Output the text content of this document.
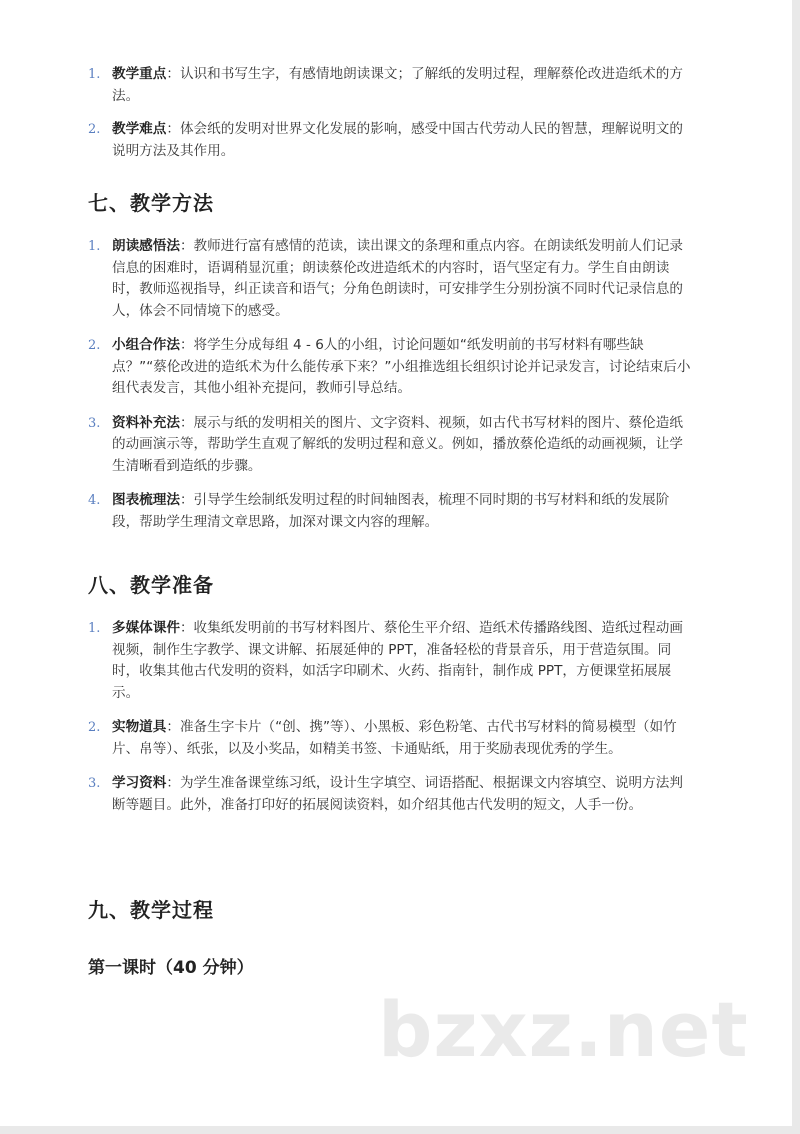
1. 教学重点：认识和书写生字，有感情地朗读课文；了解纸的发明过程，理解蔡伦改进造纸术的方法。
2. 教学难点：体会纸的发明对世界文化发展的影响，感受中国古代劳动人民的智慧，理解说明文的说明方法及其作用。
七、教学方法
1. 朗读感悟法：教师进行富有感情的范读，读出课文的条理和重点内容。在朗读纸发明前人们记录信息的困难时，语调稍显沉重；朗读蔡伦改进造纸术的内容时，语气坚定有力。学生自由朗读时，教师巡视指导，纠正读音和语气；分角色朗读时，可安排学生分别扮演不同时代记录信息的人，体会不同情境下的感受。
2. 小组合作法：将学生分成每组 4 - 6人的小组，讨论问题如“纸发明前的书写材料有哪些缺点？”“蔡伦改进的造纸术为什么能传承下来？”小组推选组长组织讨论并记录发言，讨论结束后小组代表发言，其他小组补充提问，教师引导总结。
3. 资料补充法：展示与纸的发明相关的图片、文字资料、视频，如古代书写材料的图片、蔡伦造纸的动画演示等，帮助学生直观了解纸的发明过程和意义。例如，播放蔡伦造纸的动画视频，让学生清晰看到造纸的步骤。
4. 图表梳理法：引导学生绘制纸发明过程的时间轴图表，梳理不同时期的书写材料和纸的发展阶段，帮助学生理清文章思路，加深对课文内容的理解。
八、教学准备
1. 多媒体课件：收集纸发明前的书写材料图片、蔡伦生平介绍、造纸术传播路线图、造纸过程动画视频，制作生字教学、课文讲解、拓展延伸的 PPT，准备轻松的背景音乐，用于营造氛围。同时，收集其他古代发明的资料，如活字印刷术、火药、指南针，制作成 PPT，方便课堂拓展展示。
2. 实物道具：准备生字卡片（“创、携”等）、小黑板、彩色粉笔、古代书写材料的简易模型（如竹片、帛等）、纸张，以及小奖品，如精美书签、卡通贴纸，用于奖励表现优秀的学生。
3. 学习资料：为学生准备课堂练习纸，设计生字填空、词语搭配、根据课文内容填空、说明方法判断等题目。此外，准备打印好的拓展阅读资料，如介绍其他古代发明的短文，人手一份。
九、教学过程
第一课时（40 分钟）
bzxz.net
